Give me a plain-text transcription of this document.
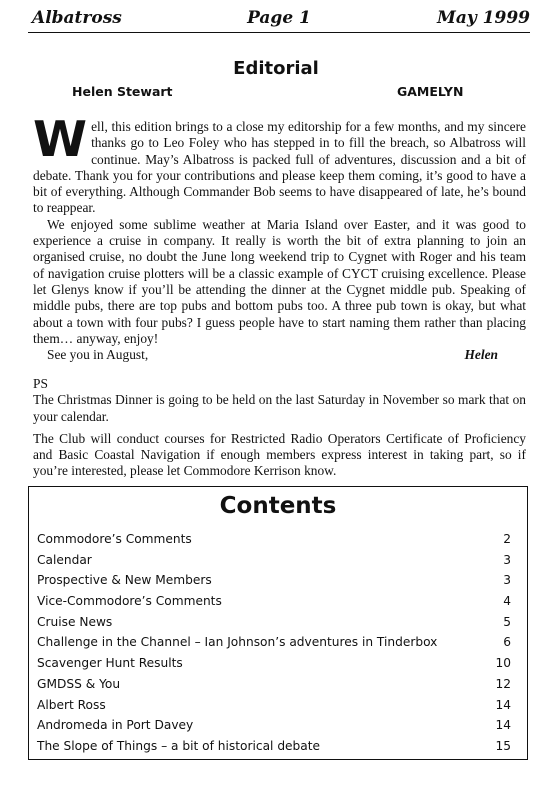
Albatross	Page 1	May 1999
Editorial
Helen Stewart	GAMELYN

Well, this edition brings to a close my editorship for a few months, and my sincere thanks go to Leo Foley who has stepped in to fill the breach, so Albatross will continue. May’s Albatross is packed full of adventures, discussion and a bit of debate. Thank you for your contributions and please keep them coming, it’s good to have a bit of everything. Although Commander Bob seems to have disappeared of late, he’s bound to reappear.

We enjoyed some sublime weather at Maria Island over Easter, and it was good to experience a cruise in company. It really is worth the bit of extra planning to join an organised cruise, no doubt the June long weekend trip to Cygnet with Roger and his team of navigation cruise plotters will be a classic example of CYCT cruising excellence. Please let Glenys know if you’ll be attending the dinner at the Cygnet middle pub. Speaking of middle pubs, there are top pubs and bottom pubs too. A three pub town is okay, but what about a town with four pubs? I guess people have to start naming them rather than placing them… anyway, enjoy!

See you in August,	Helen

PS

The Christmas Dinner is going to be held on the last Saturday in November so mark that on your calendar.

The Club will conduct courses for Restricted Radio Operators Certificate of Proficiency and Basic Coastal Navigation if enough members express interest in taking part, so if you’re interested, please let Commodore Kerrison know.

Contents
Commodore’s Comments	2
Calendar	3
Prospective & New Members	3
Vice-Commodore’s Comments	4
Cruise News	5
Challenge in the Channel – Ian Johnson’s adventures in Tinderbox	6
Scavenger Hunt Results	10
GMDSS & You	12
Albert Ross	14
Andromeda in Port Davey	14
The Slope of Things – a bit of historical debate	15
